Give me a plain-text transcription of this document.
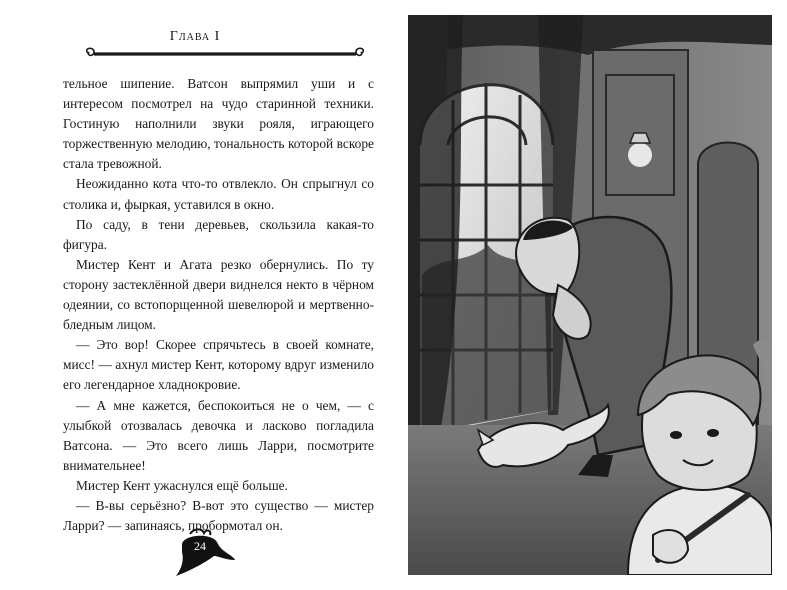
Глава I

тельное шипение. Ватсон выпрямил уши и с интересом посмотрел на чудо старинной техники. Гостиную наполнили звуки рояля, играющего торжественную мелодию, тональность которой вскоре стала тревожной.

Неожиданно кота что-то отвлекло. Он спрыгнул со столика и, фыркая, уставился в окно.

По саду, в тени деревьев, скользила какая-то фигура.

Мистер Кент и Агата резко обернулись. По ту сторону застеклённой двери виднелся некто в чёрном одеянии, со встопорщенной шевелюрой и мертвенно-бледным лицом.

— Это вор! Скорее спрячьтесь в своей комнате, мисс! — ахнул мистер Кент, которому вдруг изменило его легендарное хладнокровие.

— А мне кажется, беспокоиться не о чем, — с улыбкой отозвалась девочка и ласково погладила Ватсона. — Это всего лишь Ларри, посмотрите внимательнее!

Мистер Кент ужаснулся ещё больше.

— В-вы серьёзно? В-вот это существо — мистер Ларри? — запинаясь, пробормотал он.

24
